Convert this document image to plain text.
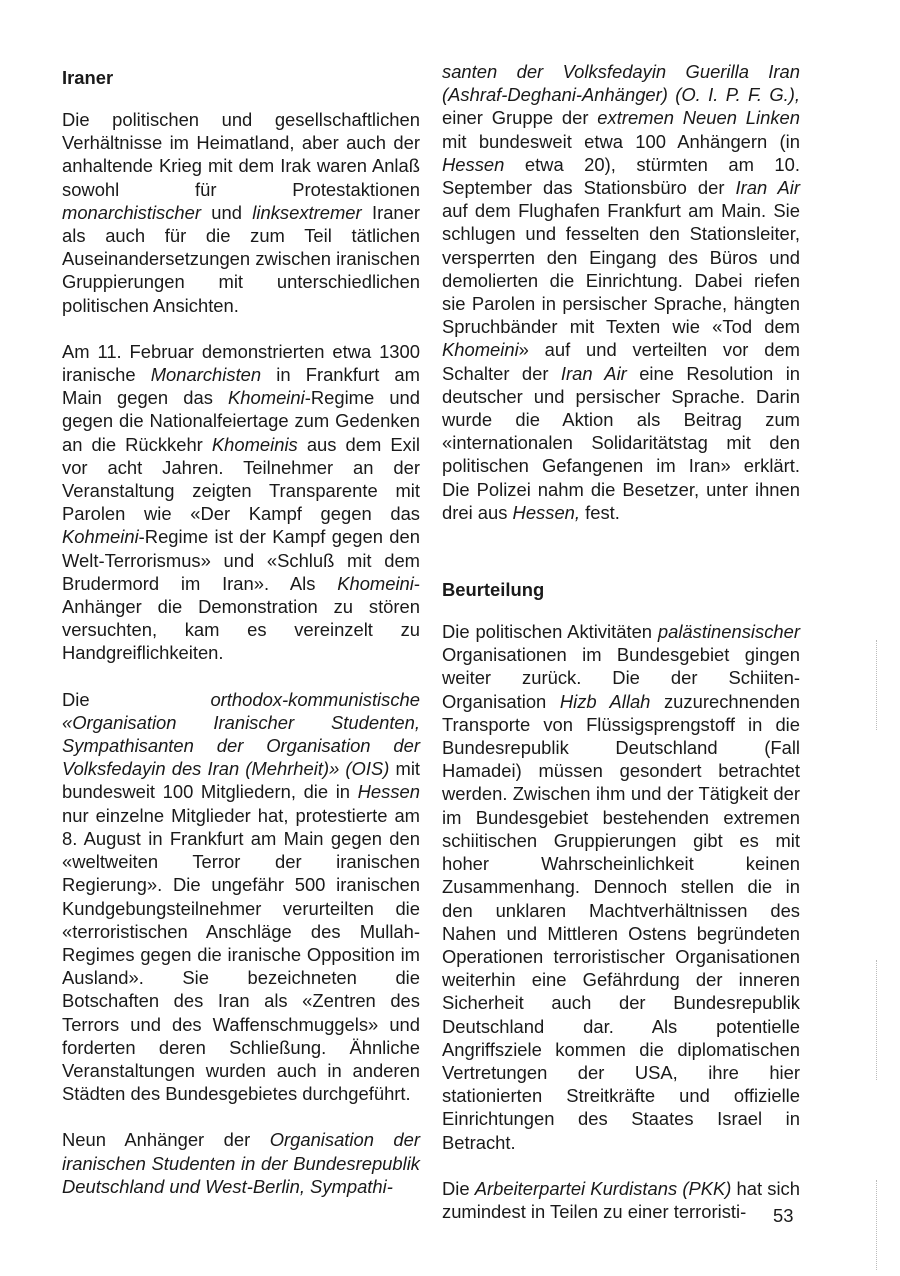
Iraner

Die politischen und gesellschaftlichen Verhältnisse im Heimatland, aber auch der anhaltende Krieg mit dem Irak waren Anlaß sowohl für Protestaktionen monarchistischer und linksextremer Iraner als auch für die zum Teil tätlichen Auseinandersetzungen zwischen iranischen Gruppierungen mit unterschiedlichen politischen Ansichten.

Am 11. Februar demonstrierten etwa 1300 iranische Monarchisten in Frankfurt am Main gegen das Khomeini-Regime und gegen die Nationalfeiertage zum Gedenken an die Rückkehr Khomeinis aus dem Exil vor acht Jahren. Teilnehmer an der Veranstaltung zeigten Transparente mit Parolen wie «Der Kampf gegen das Kohmeini-Regime ist der Kampf gegen den Welt-Terrorismus» und «Schluß mit dem Brudermord im Iran». Als Khomeini-Anhänger die Demonstration zu stören versuchten, kam es vereinzelt zu Handgreiflichkeiten.

Die orthodox-kommunistische «Organisation Iranischer Studenten, Sympathisanten der Organisation der Volksfedayin des Iran (Mehrheit)» (OIS) mit bundesweit 100 Mitgliedern, die in Hessen nur einzelne Mitglieder hat, protestierte am 8. August in Frankfurt am Main gegen den «weltweiten Terror der iranischen Regierung». Die ungefähr 500 iranischen Kundgebungsteilnehmer verurteilten die «terroristischen Anschläge des Mullah-Regimes gegen die iranische Opposition im Ausland». Sie bezeichneten die Botschaften des Iran als «Zentren des Terrors und des Waffenschmuggels» und forderten deren Schließung. Ähnliche Veranstaltungen wurden auch in anderen Städten des Bundesgebietes durchgeführt.

Neun Anhänger der Organisation der iranischen Studenten in der Bundesrepublik Deutschland und West-Berlin, Sympathi-

santen der Volksfedayin Guerilla Iran (Ashraf-Deghani-Anhänger) (O. I. P. F. G.), einer Gruppe der extremen Neuen Linken mit bundesweit etwa 100 Anhängern (in Hessen etwa 20), stürmten am 10. September das Stationsbüro der Iran Air auf dem Flughafen Frankfurt am Main. Sie schlugen und fesselten den Stationsleiter, versperrten den Eingang des Büros und demolierten die Einrichtung. Dabei riefen sie Parolen in persischer Sprache, hängten Spruchbänder mit Texten wie «Tod dem Khomeini» auf und verteilten vor dem Schalter der Iran Air eine Resolution in deutscher und persischer Sprache. Darin wurde die Aktion als Beitrag zum «internationalen Solidaritätstag mit den politischen Gefangenen im Iran» erklärt. Die Polizei nahm die Besetzer, unter ihnen drei aus Hessen, fest.

Beurteilung

Die politischen Aktivitäten palästinensischer Organisationen im Bundesgebiet gingen weiter zurück. Die der Schiiten-Organisation Hizb Allah zuzurechnenden Transporte von Flüssigsprengstoff in die Bundesrepublik Deutschland (Fall Hamadei) müssen gesondert betrachtet werden. Zwischen ihm und der Tätigkeit der im Bundesgebiet bestehenden extremen schiitischen Gruppierungen gibt es mit hoher Wahrscheinlichkeit keinen Zusammenhang. Dennoch stellen die in den unklaren Machtverhältnissen des Nahen und Mittleren Ostens begründeten Operationen terroristischer Organisationen weiterhin eine Gefährdung der inneren Sicherheit auch der Bundesrepublik Deutschland dar. Als potentielle Angriffsziele kommen die diplomatischen Vertretungen der USA, ihre hier stationierten Streitkräfte und offizielle Einrichtungen des Staates Israel in Betracht.

Die Arbeiterpartei Kurdistans (PKK) hat sich zumindest in Teilen zu einer terroristi-	53
